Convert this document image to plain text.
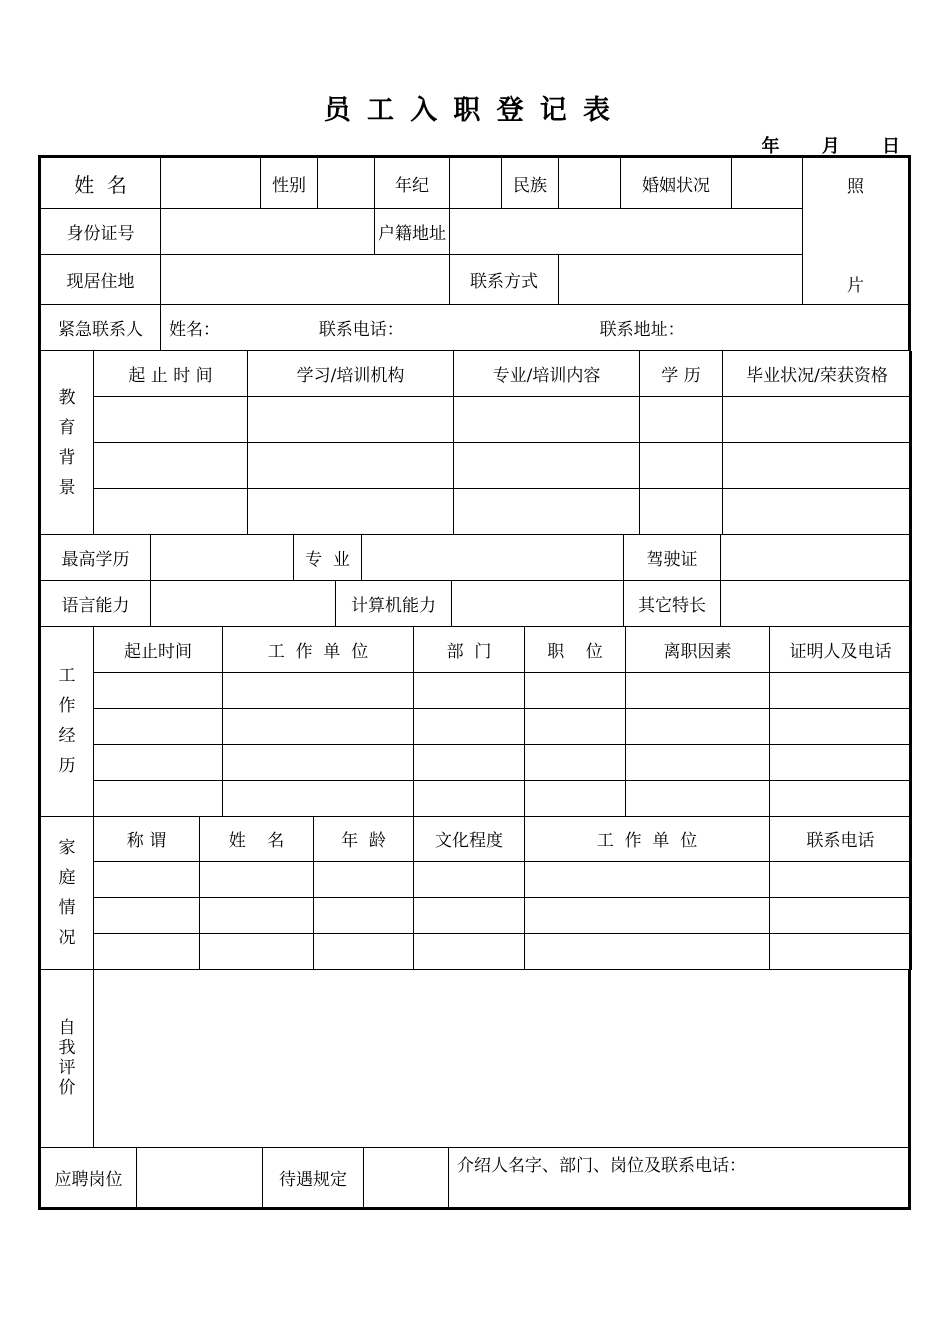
员工入职登记表
年 月 日
姓  名		性别		年纪		民族		婚姻状况		照
片

身份证号				户籍地址						
现居住地					联系方式					
紧急联系人	姓名： 联系电话： 联系地址：									
教育背景	起 止 时 间	学习/培训机构	专业/培训内容	学 历	毕业状况/荣获资格

最高学历		专  业				驾驶证	
语言能力			计算机能力			其它特长	
工作经历	起止时间	工  作  单  位	部  门	职    位	离职因素	证明人及电话

家庭情况	称 谓	姓    名	年  龄	文化程度	工  作  单  位	联系电话

自我评价

应聘岗位		待遇规定		介绍人名字、部门、岗位及联系电话：
